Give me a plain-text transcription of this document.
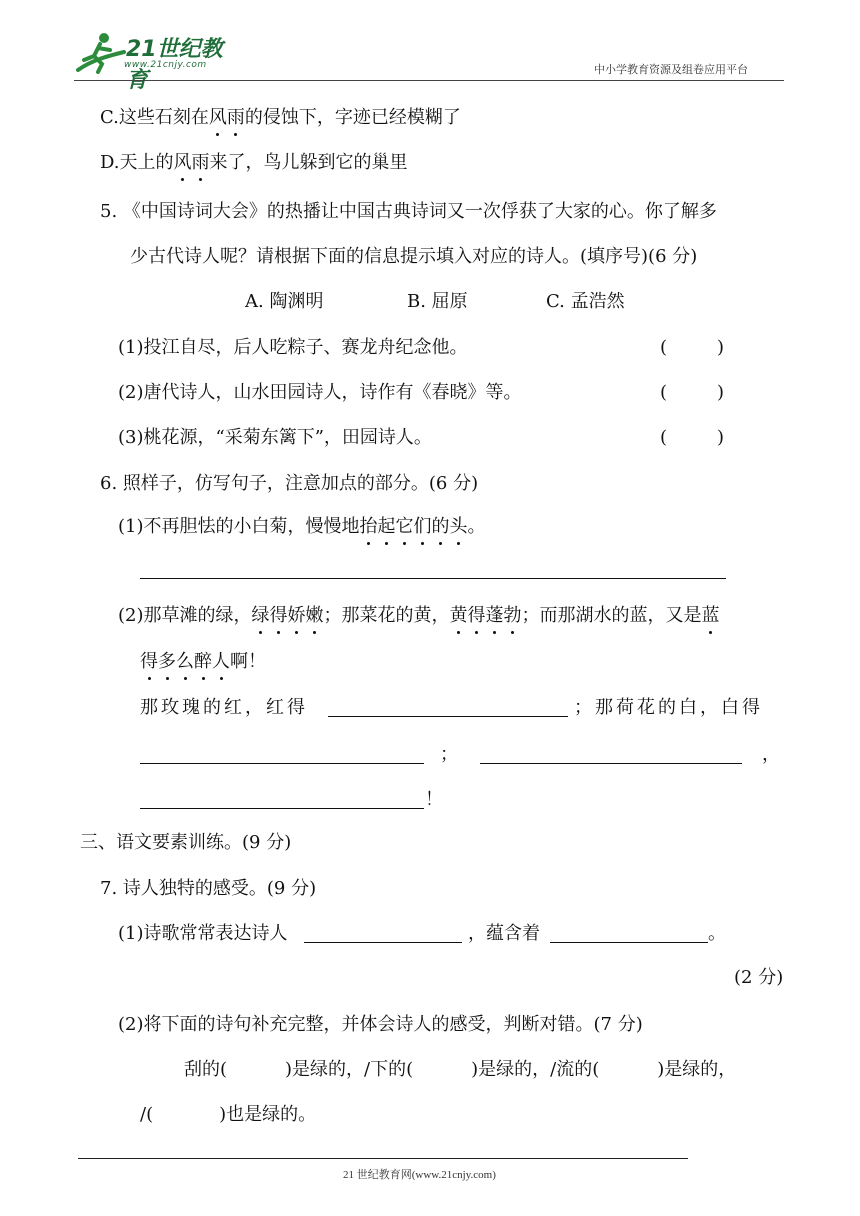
21世纪教育
www.21cnjy.com	中小学教育资源及组卷应用平台
C.这些石刻在风雨的侵蚀下，字迹已经模糊了
D.天上的风雨来了，鸟儿躲到它的巢里
5. 《中国诗词大会》的热播让中国古典诗词又一次俘获了大家的心。你了解多
少古代诗人呢？请根据下面的信息提示填入对应的诗人。(填序号)(6 分)
A. 陶渊明	B. 屈原	C. 孟浩然
(1)投江自尽，后人吃粽子、赛龙舟纪念他。	(	)
(2)唐代诗人，山水田园诗人，诗作有《春晓》等。	(	)
(3)桃花源，“采菊东篱下”，田园诗人。	(	)
6. 照样子，仿写句子，注意加点的部分。(6 分)
(1)不再胆怯的小白菊，慢慢地抬起它们的头。
(2)那草滩的绿，绿得娇嫩；那菜花的黄，黄得蓬勃；而那湖水的蓝，又是蓝
得多么醉人啊！
那玫瑰的红，红得	；那荷花的白，白得
；	，
！
三、语文要素训练。(9 分)
7. 诗人独特的感受。(9 分)
(1)诗歌常常表达诗人	，蕴含着	。
(2 分)
(2)将下面的诗句补充完整，并体会诗人的感受，判断对错。(7 分)
刮的(	)是绿的，/下的(	)是绿的，/流的(	)是绿的，
/(	)也是绿的。
21 世纪教育网(www.21cnjy.com)
